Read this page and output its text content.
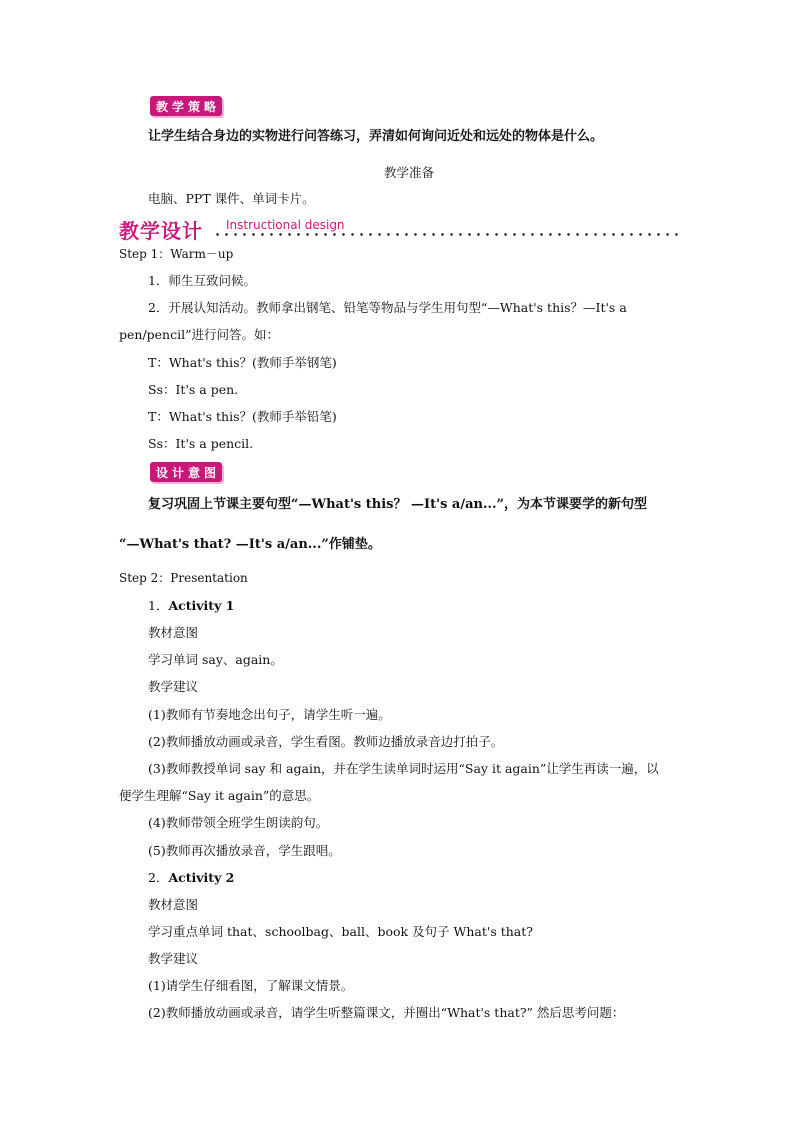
教学策略
让学生结合身边的实物进行问答练习，弄清如何询问近处和远处的物体是什么。
教学准备
电脑、PPT 课件、单词卡片。
教学设计 Instructional design
Step 1：Warm－up
1．师生互致问候。
2．开展认知活动。教师拿出钢笔、铅笔等物品与学生用句型“—What's this？—It's a
pen/pencil”进行问答。如：
T：What's this？(教师手举钢笔)
Ss：It's a pen.
T：What's this？(教师手举铅笔)
Ss：It's a pencil.
设计意图
复习巩固上节课主要句型“—What's this？ —It's a/an...”，为本节课要学的新句型
“—What's that? —It's a/an...”作铺垫。
Step 2：Presentation
1．Activity 1
教材意图
学习单词 say、again。
教学建议
(1)教师有节奏地念出句子，请学生听一遍。
(2)教师播放动画或录音，学生看图。教师边播放录音边打拍子。
(3)教师教授单词 say 和 again，并在学生读单词时运用“Say it again”让学生再读一遍，以
便学生理解“Say it again”的意思。
(4)教师带领全班学生朗读韵句。
(5)教师再次播放录音，学生跟唱。
2．Activity 2
教材意图
学习重点单词 that、schoolbag、ball、book 及句子 What's that?
教学建议
(1)请学生仔细看图，了解课文情景。
(2)教师播放动画或录音，请学生听整篇课文，并圈出“What's that?” 然后思考问题：
